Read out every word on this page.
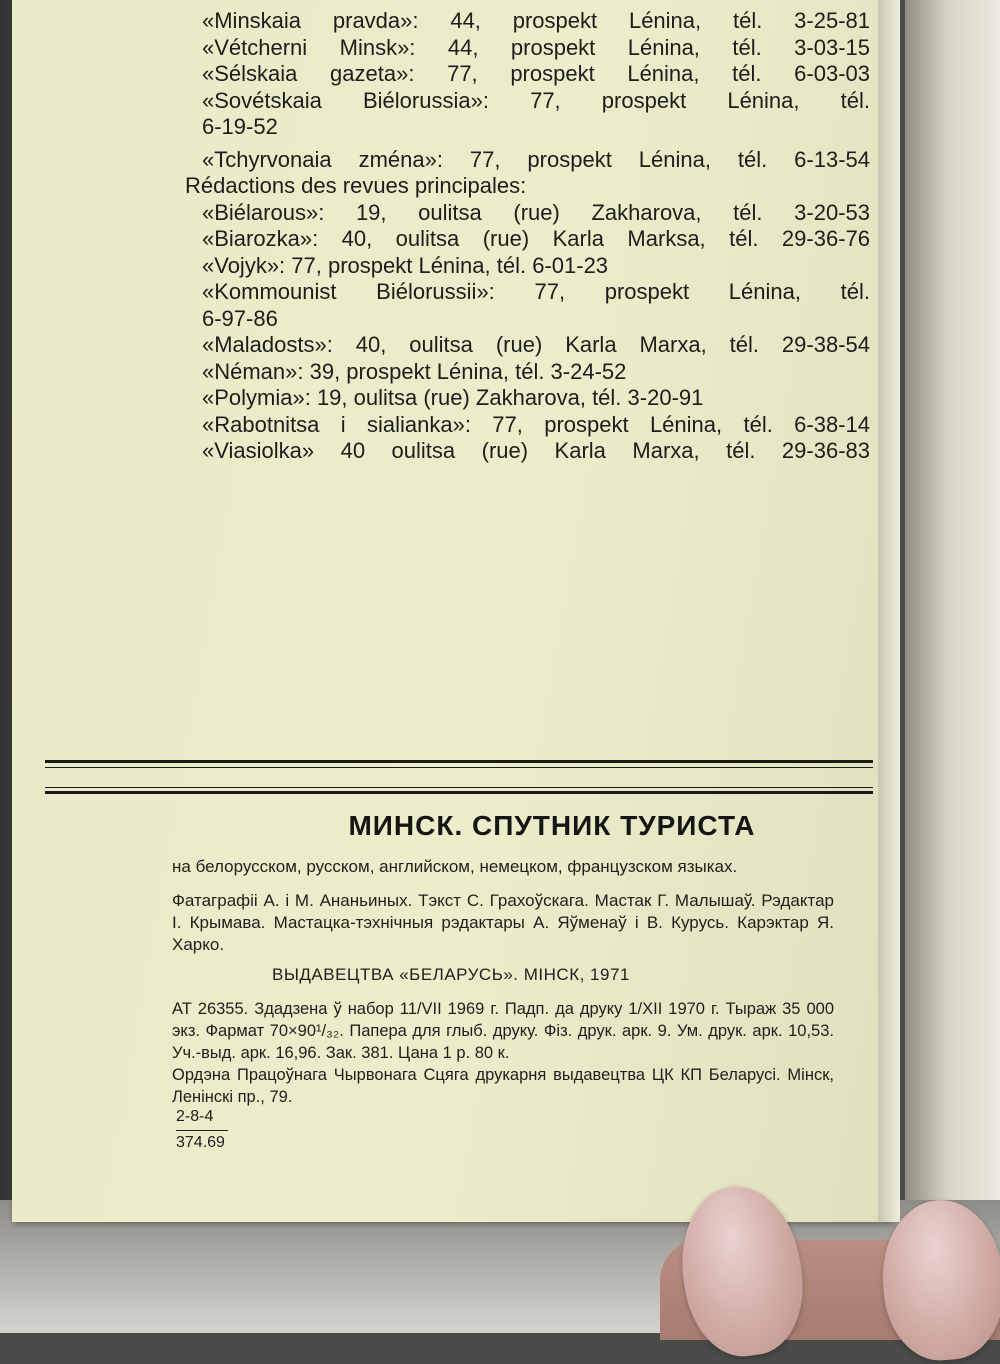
«Minskaia pravda»: 44, prospekt Lénina, tél. 3-25-81
«Vétcherni Minsk»: 44, prospekt Lénina, tél. 3-03-15
«Sélskaia gazeta»: 77, prospekt Lénina, tél. 6-03-03
«Sovétskaia Biélorussia»: 77, prospekt Lénina, tél.
6-19-52
«Tchyrvonaia zména»: 77, prospekt Lénina, tél. 6-13-54
Rédactions des revues principales:
«Biélarous»: 19, oulitsa (rue) Zakharova, tél. 3-20-53
«Biarozka»: 40, oulitsa (rue) Karla Marksa, tél. 29-36-76
«Vojyk»: 77, prospekt Lénina, tél. 6-01-23
«Kommounist Biélorussii»: 77, prospekt Lénina, tél.
6-97-86
«Maladosts»: 40, oulitsa (rue) Karla Marxa, tél. 29-38-54
«Néman»: 39, prospekt Lénina, tél. 3-24-52
«Polymia»: 19, oulitsa (rue) Zakharova, tél. 3-20-91
«Rabotnitsa i sialianka»: 77, prospekt Lénina, tél. 6-38-14
«Viasiolka» 40 oulitsa (rue) Karla Marxa, tél. 29-36-83
МИНСК. СПУТНИК ТУРИСТА
на белорусском, русском, английском, немецком, французском языках.
Фатаграфіі А. і М. Ананьиных. Тэкст С. Грахоўскага. Мастак Г. Малышаў. Рэдактар І. Крымава. Мастацка-тэхнічныя рэдактары А. Яўменаў і В. Курусь. Карэктар Я. Харко.
ВЫДАВЕЦТВА «БЕЛАРУСЬ». МІНСК, 1971
АТ 26355. Здадзена ў набор 11/VII 1969 г. Падп. да друку 1/XII 1970 г. Тыраж 35 000 экз. Фармат 70×90¹/₃₂. Папера для глыб. друку. Фіз. друк. арк. 9. Ум. друк. арк. 10,53. Уч.-выд. арк. 16,96. Зак. 381. Цана 1 р. 80 к.
Ордэна Працоўнага Чырвонага Сцяга друкарня выдавецтва ЦК КП Беларусі. Мінск, Ленінскі пр., 79.
2-8-4
374.69
